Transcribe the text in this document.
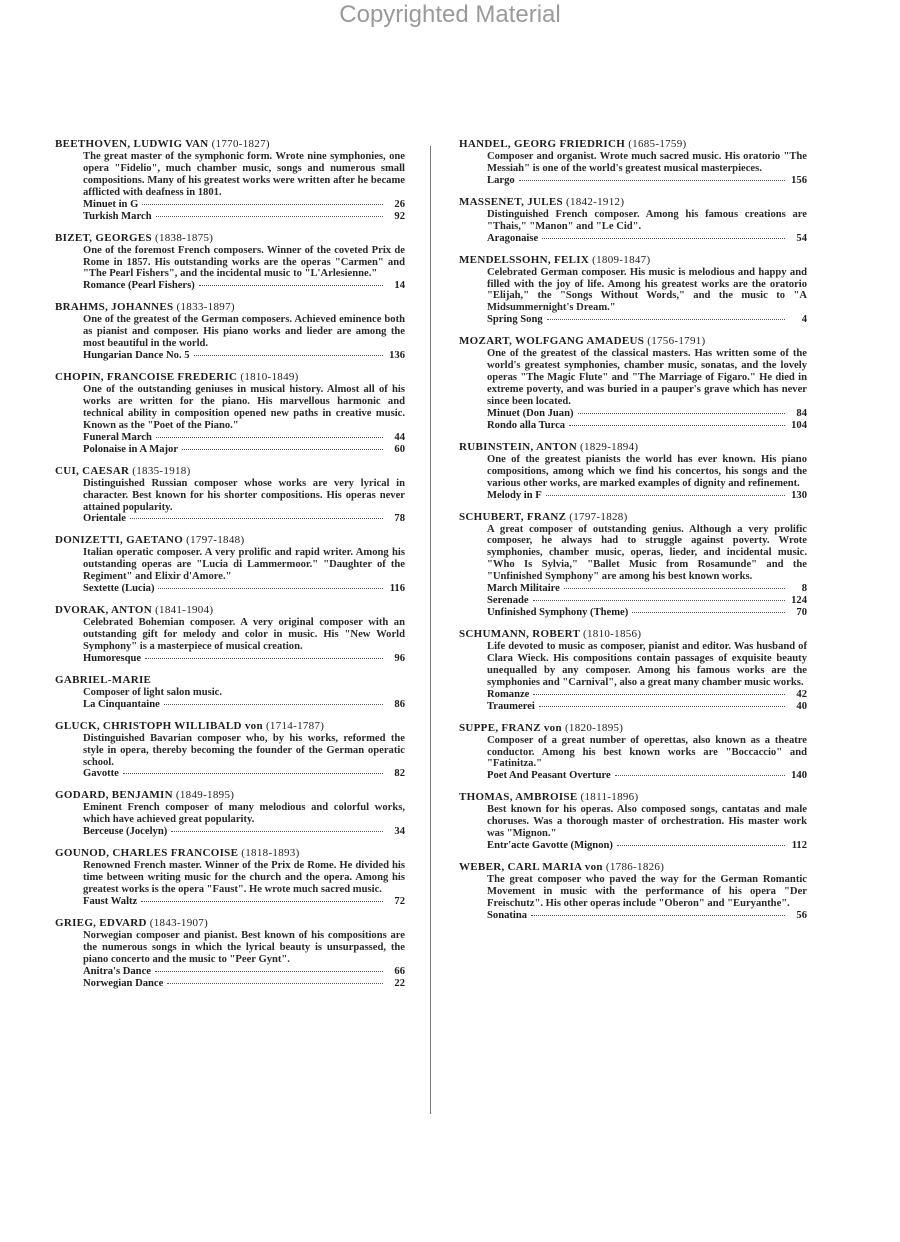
Copyrighted Material
BEETHOVEN, LUDWIG VAN (1770-1827)
The great master of the symphonic form. Wrote nine symphonies, one opera "Fidelio", much chamber music, songs and numerous small compositions. Many of his greatest works were written after he became afflicted with deafness in 1801.
Minuet in G	26
Turkish March	92
BIZET, GEORGES (1838-1875)
One of the foremost French composers. Winner of the coveted Prix de Rome in 1857. His outstanding works are the operas "Carmen" and "The Pearl Fishers", and the incidental music to "L'Arlesienne."
Romance (Pearl Fishers)	14
BRAHMS, JOHANNES (1833-1897)
One of the greatest of the German composers. Achieved eminence both as pianist and composer. His piano works and lieder are among the most beautiful in the world.
Hungarian Dance No. 5	136
CHOPIN, FRANCOISE FREDERIC (1810-1849)
One of the outstanding geniuses in musical history. Almost all of his works are written for the piano. His marvellous harmonic and technical ability in composition opened new paths in creative music. Known as the "Poet of the Piano."
Funeral March	44
Polonaise in A Major	60
CUI, CAESAR (1835-1918)
Distinguished Russian composer whose works are very lyrical in character. Best known for his shorter compositions. His operas never attained popularity.
Orientale	78
DONIZETTI, GAETANO (1797-1848)
Italian operatic composer. A very prolific and rapid writer. Among his outstanding operas are "Lucia di Lammermoor." "Daughter of the Regiment" and Elixir d'Amore."
Sextette (Lucia)	116
DVORAK, ANTON (1841-1904)
Celebrated Bohemian composer. A very original composer with an outstanding gift for melody and color in music. His "New World Symphony" is a masterpiece of musical creation.
Humoresque	96
GABRIEL-MARIE
Composer of light salon music.
La Cinquantaine	86
GLUCK, CHRISTOPH WILLIBALD von (1714-1787)
Distinguished Bavarian composer who, by his works, reformed the style in opera, thereby becoming the founder of the German operatic school.
Gavotte	82
GODARD, BENJAMIN (1849-1895)
Eminent French composer of many melodious and colorful works, which have achieved great popularity.
Berceuse (Jocelyn)	34
GOUNOD, CHARLES FRANCOISE (1818-1893)
Renowned French master. Winner of the Prix de Rome. He divided his time between writing music for the church and the opera. Among his greatest works is the opera "Faust". He wrote much sacred music.
Faust Waltz	72
GRIEG, EDVARD (1843-1907)
Norwegian composer and pianist. Best known of his compositions are the numerous songs in which the lyrical beauty is unsurpassed, the piano concerto and the music to "Peer Gynt".
Anitra's Dance	66
Norwegian Dance	22
HANDEL, GEORG FRIEDRICH (1685-1759)
Composer and organist. Wrote much sacred music. His oratorio "The Messiah" is one of the world's greatest musical masterpieces.
Largo	156
MASSENET, JULES (1842-1912)
Distinguished French composer. Among his famous creations are "Thais," "Manon" and "Le Cid".
Aragonaise	54
MENDELSSOHN, FELIX (1809-1847)
Celebrated German composer. His music is melodious and happy and filled with the joy of life. Among his greatest works are the oratorio "Elijah," the "Songs Without Words," and the music to "A Midsummernight's Dream."
Spring Song	4
MOZART, WOLFGANG AMADEUS (1756-1791)
One of the greatest of the classical masters. Has written some of the world's greatest symphonies, chamber music, sonatas, and the lovely operas "The Magic Flute" and "The Marriage of Figaro." He died in extreme poverty, and was buried in a pauper's grave which has never since been located.
Minuet (Don Juan)	84
Rondo alla Turca	104
RUBINSTEIN, ANTON (1829-1894)
One of the greatest pianists the world has ever known. His piano compositions, among which we find his concertos, his songs and the various other works, are marked examples of dignity and refinement.
Melody in F	130
SCHUBERT, FRANZ (1797-1828)
A great composer of outstanding genius. Although a very prolific composer, he always had to struggle against poverty. Wrote symphonies, chamber music, operas, lieder, and incidental music. "Who Is Sylvia," "Ballet Music from Rosamunde" and the "Unfinished Symphony" are among his best known works.
March Militaire	8
Serenade	124
Unfinished Symphony (Theme)	70
SCHUMANN, ROBERT (1810-1856)
Life devoted to music as composer, pianist and editor. Was husband of Clara Wieck. His compositions contain passages of exquisite beauty unequalled by any composer. Among his famous works are the symphonies and "Carnival", also a great many chamber music works.
Romanze	42
Traumerei	40
SUPPE, FRANZ von (1820-1895)
Composer of a great number of operettas, also known as a theatre conductor. Among his best known works are "Boccaccio" and "Fatinitza."
Poet And Peasant Overture	140
THOMAS, AMBROISE (1811-1896)
Best known for his operas. Also composed songs, cantatas and male choruses. Was a thorough master of orchestration. His master work was "Mignon."
Entr'acte Gavotte (Mignon)	112
WEBER, CARL MARIA von (1786-1826)
The great composer who paved the way for the German Romantic Movement in music with the performance of his opera "Der Freischutz". His other operas include "Oberon" and "Euryanthe".
Sonatina	56
